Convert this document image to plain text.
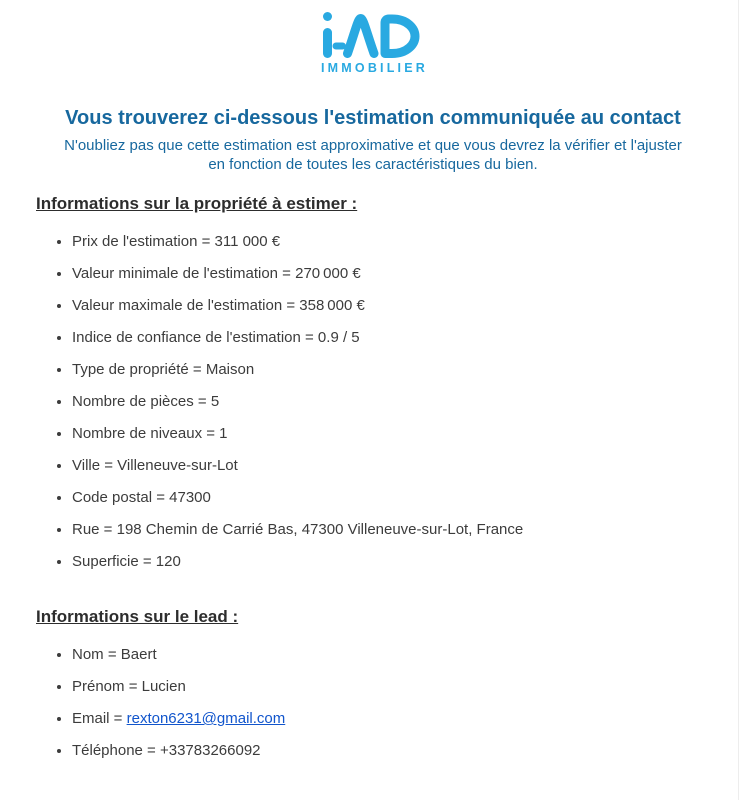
IMMOBILIER
Vous trouverez ci-dessous l'estimation communiquée au contact

N'oubliez pas que cette estimation est approximative et que vous devrez la vérifier et l'ajuster
en fonction de toutes les caractéristiques du bien.

Informations sur la propriété à estimer :
• Prix de l'estimation = 311 000 €
• Valeur minimale de l'estimation = 270 000 €
• Valeur maximale de l'estimation = 358 000 €
• Indice de confiance de l'estimation = 0.9 / 5
• Type de propriété = Maison
• Nombre de pièces = 5
• Nombre de niveaux = 1
• Ville = Villeneuve-sur-Lot
• Code postal = 47300
• Rue = 198 Chemin de Carrié Bas, 47300 Villeneuve-sur-Lot, France
• Superficie = 120
Informations sur le lead :
• Nom = Baert
• Prénom = Lucien
• Email = rexton6231@gmail.com
• Téléphone = +33783266092
